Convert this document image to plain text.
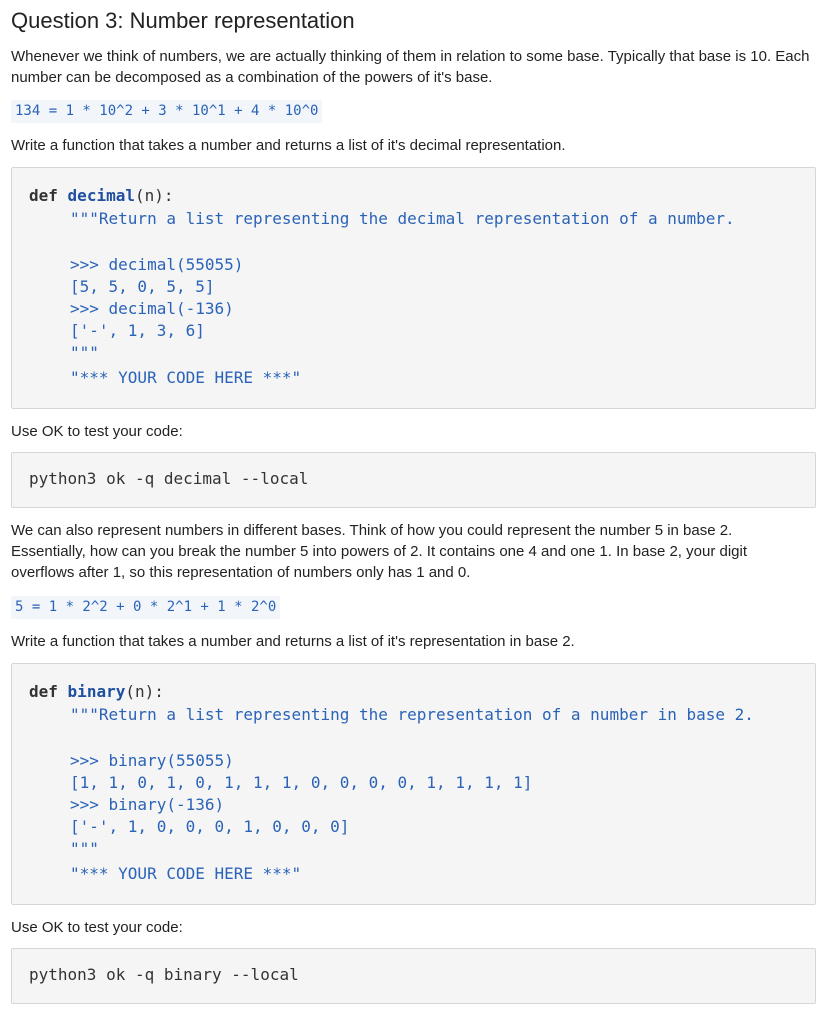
Question 3: Number representation

Whenever we think of numbers, we are actually thinking of them in relation to some base. Typically that base is 10. Each number can be decomposed as a combination of the powers of it's base.

134 = 1 * 10^2 + 3 * 10^1 + 4 * 10^0

Write a function that takes a number and returns a list of it's decimal representation.

def decimal(n):
"""Return a list representing the decimal representation of a number.
>>> decimal(55055)
[5, 5, 0, 5, 5]
>>> decimal(-136)
['-', 1, 3, 6]
"""
"*** YOUR CODE HERE ***"

Use OK to test your code:

python3 ok -q decimal --local

We can also represent numbers in different bases. Think of how you could represent the number 5 in base 2. Essentially, how can you break the number 5 into powers of 2. It contains one 4 and one 1. In base 2, your digit overflows after 1, so this representation of numbers only has 1 and 0.

5 = 1 * 2^2 + 0 * 2^1 + 1 * 2^0

Write a function that takes a number and returns a list of it's representation in base 2.

def binary(n):
"""Return a list representing the representation of a number in base 2.
>>> binary(55055)
[1, 1, 0, 1, 0, 1, 1, 1, 0, 0, 0, 0, 1, 1, 1, 1]
>>> binary(-136)
['-', 1, 0, 0, 0, 1, 0, 0, 0]
"""
"*** YOUR CODE HERE ***"

Use OK to test your code:

python3 ok -q binary --local
